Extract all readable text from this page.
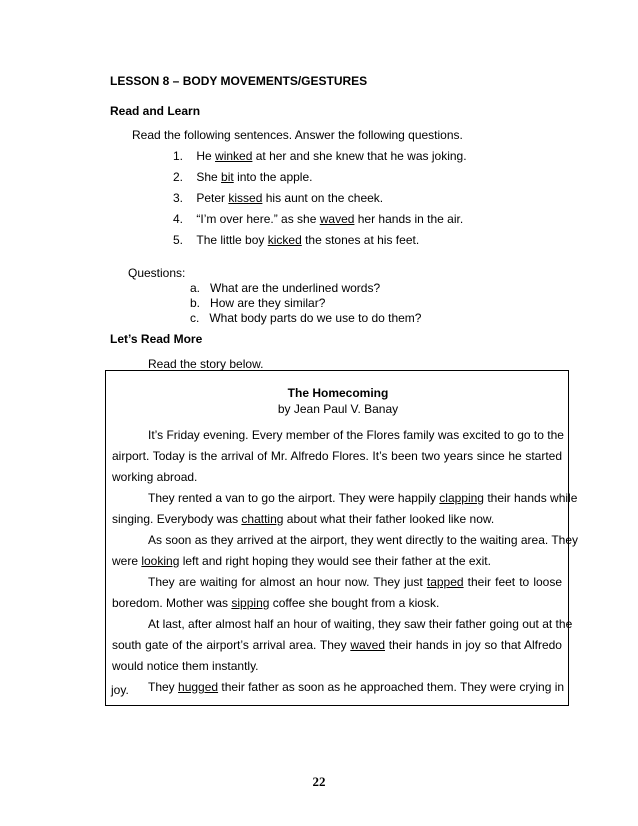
LESSON 8 – BODY MOVEMENTS/GESTURES
Read and Learn
Read the following sentences. Answer the following questions.
1. He winked at her and she knew that he was joking.
2. She bit into the apple.
3. Peter kissed his aunt on the cheek.
4. “I’m over here.” as she waved her hands in the air.
5. The little boy kicked the stones at his feet.
Questions:
a. What are the underlined words?
b. How are they similar?
c. What body parts do we use to do them?
Let’s Read More
Read the story below.
The Homecoming
by Jean Paul V. Banay
It’s Friday evening. Every member of the Flores family was excited to go to the
airport. Today is the arrival of Mr. Alfredo Flores. It’s been two years since he started
working abroad.
They rented a van to go the airport. They were happily clapping their hands while
singing. Everybody was chatting about what their father looked like now.
As soon as they arrived at the airport, they went directly to the waiting area. They
were looking left and right hoping they would see their father at the exit.
They are waiting for almost an hour now. They just tapped their feet to loose
boredom. Mother was sipping coffee she bought from a kiosk.
At last, after almost half an hour of waiting, they saw their father going out at the
south gate of the airport’s arrival area. They waved their hands in joy so that Alfredo
would notice them instantly.
They hugged their father as soon as he approached them. They were crying in
joy.
22
